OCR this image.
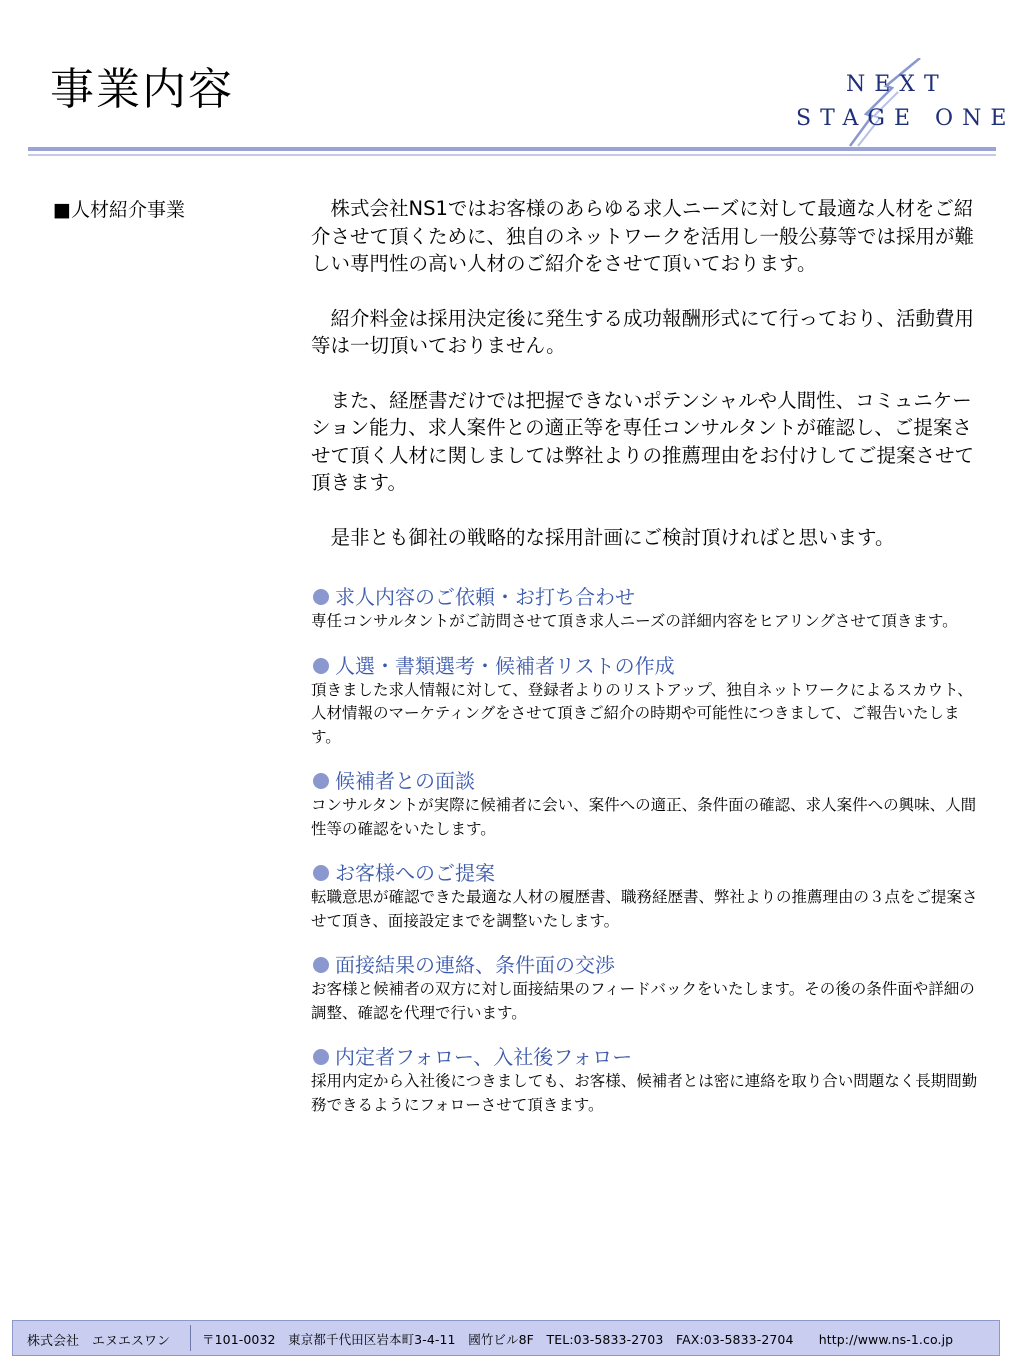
事業内容	NEXT
STAGE ONE
■人材紹介事業	株式会社NS1ではお客様のあらゆる求人ニーズに対して最適な人材をご紹介させて頂くために、独自のネットワークを活用し一般公募等では採用が難しい専門性の高い人材のご紹介をさせて頂いております。

紹介料金は採用決定後に発生する成功報酬形式にて行っており、活動費用等は一切頂いておりません。

また、経歴書だけでは把握できないポテンシャルや人間性、コミュニケーション能力、求人案件との適正等を専任コンサルタントが確認し、ご提案させて頂く人材に関しましては弊社よりの推薦理由をお付けしてご提案させて頂きます。

是非とも御社の戦略的な採用計画にご検討頂ければと思います。

求人内容のご依頼・お打ち合わせ

専任コンサルタントがご訪問させて頂き求人ニーズの詳細内容をヒアリングさせて頂きます。

人選・書類選考・候補者リストの作成

頂きました求人情報に対して、登録者よりのリストアップ、独自ネットワークによるスカウト、人材情報のマーケティングをさせて頂きご紹介の時期や可能性につきまして、ご報告いたします。

候補者との面談

コンサルタントが実際に候補者に会い、案件への適正、条件面の確認、求人案件への興味、人間性等の確認をいたします。

お客様へのご提案

転職意思が確認できた最適な人材の履歴書、職務経歴書、弊社よりの推薦理由の３点をご提案させて頂き、面接設定までを調整いたします。

面接結果の連絡、条件面の交渉

お客様と候補者の双方に対し面接結果のフィードバックをいたします。その後の条件面や詳細の調整、確認を代理で行います。

内定者フォロー、入社後フォロー

採用内定から入社後につきましても、お客様、候補者とは密に連絡を取り合い問題なく長期間勤務できるようにフォローさせて頂きます。

株式会社　エヌエスワン	〒101-0032　東京都千代田区岩本町3-4-11　國竹ビル8F　TEL:03-5833-2703　FAX:03-5833-2704　　http://www.ns-1.co.jp
